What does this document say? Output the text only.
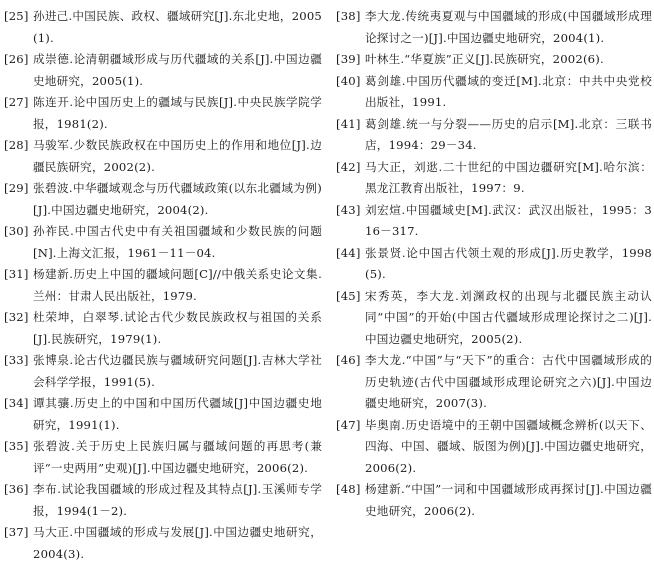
[25] 孙进己.中国民族、政权、疆域研究[J].东北史地，2005(1).
[26] 成崇德.论清朝疆域形成与历代疆域的关系[J].中国边疆史地研究，2005(1).
[27] 陈连开.论中国历史上的疆域与民族[J].中央民族学院学报，1981(2).
[28] 马骏军.少数民族政权在中国历史上的作用和地位[J].边疆民族研究，2002(2).
[29] 张碧波.中华疆域观念与历代疆域政策(以东北疆域为例)[J].中国边疆史地研究，2004(2).
[30] 孙祚民.中国古代史中有关祖国疆域和少数民族的问题[N].上海文汇报，1961－11－04.
[31] 杨建新.历史上中国的疆域问题[C]//中俄关系史论文集.兰州：甘肃人民出版社，1979.
[32] 杜荣坤，白翠琴.试论古代少数民族政权与祖国的关系[J].民族研究，1979(1).
[33] 张博泉.论古代边疆民族与疆域研究问题[J].吉林大学社会科学学报，1991(5).
[34] 谭其骧.历史上的中国和中国历代疆域[J]中国边疆史地研究，1991(1).
[35] 张碧波.关于历史上民族归属与疆域问题的再思考(兼评“一史两用”史观)[J].中国边疆史地研究，2006(2).
[36] 李布.试论我国疆域的形成过程及其特点[J].玉溪师专学报，1994(1－2).
[37] 马大正.中国疆域的形成与发展[J].中国边疆史地研究，2004(3).
[38] 李大龙.传统夷夏观与中国疆域的形成(中国疆域形成理论探讨之一)[J].中国边疆史地研究，2004(1).
[39] 叶林生.“华夏族”正义[J].民族研究，2002(6).
[40] 葛剑雄.中国历代疆域的变迁[M].北京：中共中央党校出版社，1991.
[41] 葛剑雄.统一与分裂——历史的启示[M].北京：三联书店，1994：29－34.
[42] 马大正，刘逖.二十世纪的中国边疆研究[M].哈尔滨：黑龙江教育出版社，1997：9.
[43] 刘宏煊.中国疆域史[M].武汉：武汉出版社，1995：316－317.
[44] 张景贤.论中国古代领土观的形成[J].历史教学，1998(5).
[45] 宋秀英，李大龙.刘渊政权的出现与北疆民族主动认同“中国”的开始(中国古代疆域形成理论探讨之二)[J].中国边疆史地研究，2005(2).
[46] 李大龙.“中国”与“天下”的重合：古代中国疆域形成的历史轨迹(古代中国疆域形成理论研究之六)[J].中国边疆史地研究，2007(3).
[47] 毕奥南.历史语境中的王朝中国疆域概念辨析(以天下、四海、中国、疆域、版图为例)[J].中国边疆史地研究，2006(2).
[48] 杨建新.“中国”一词和中国疆域形成再探讨[J].中国边疆史地研究，2006(2).
